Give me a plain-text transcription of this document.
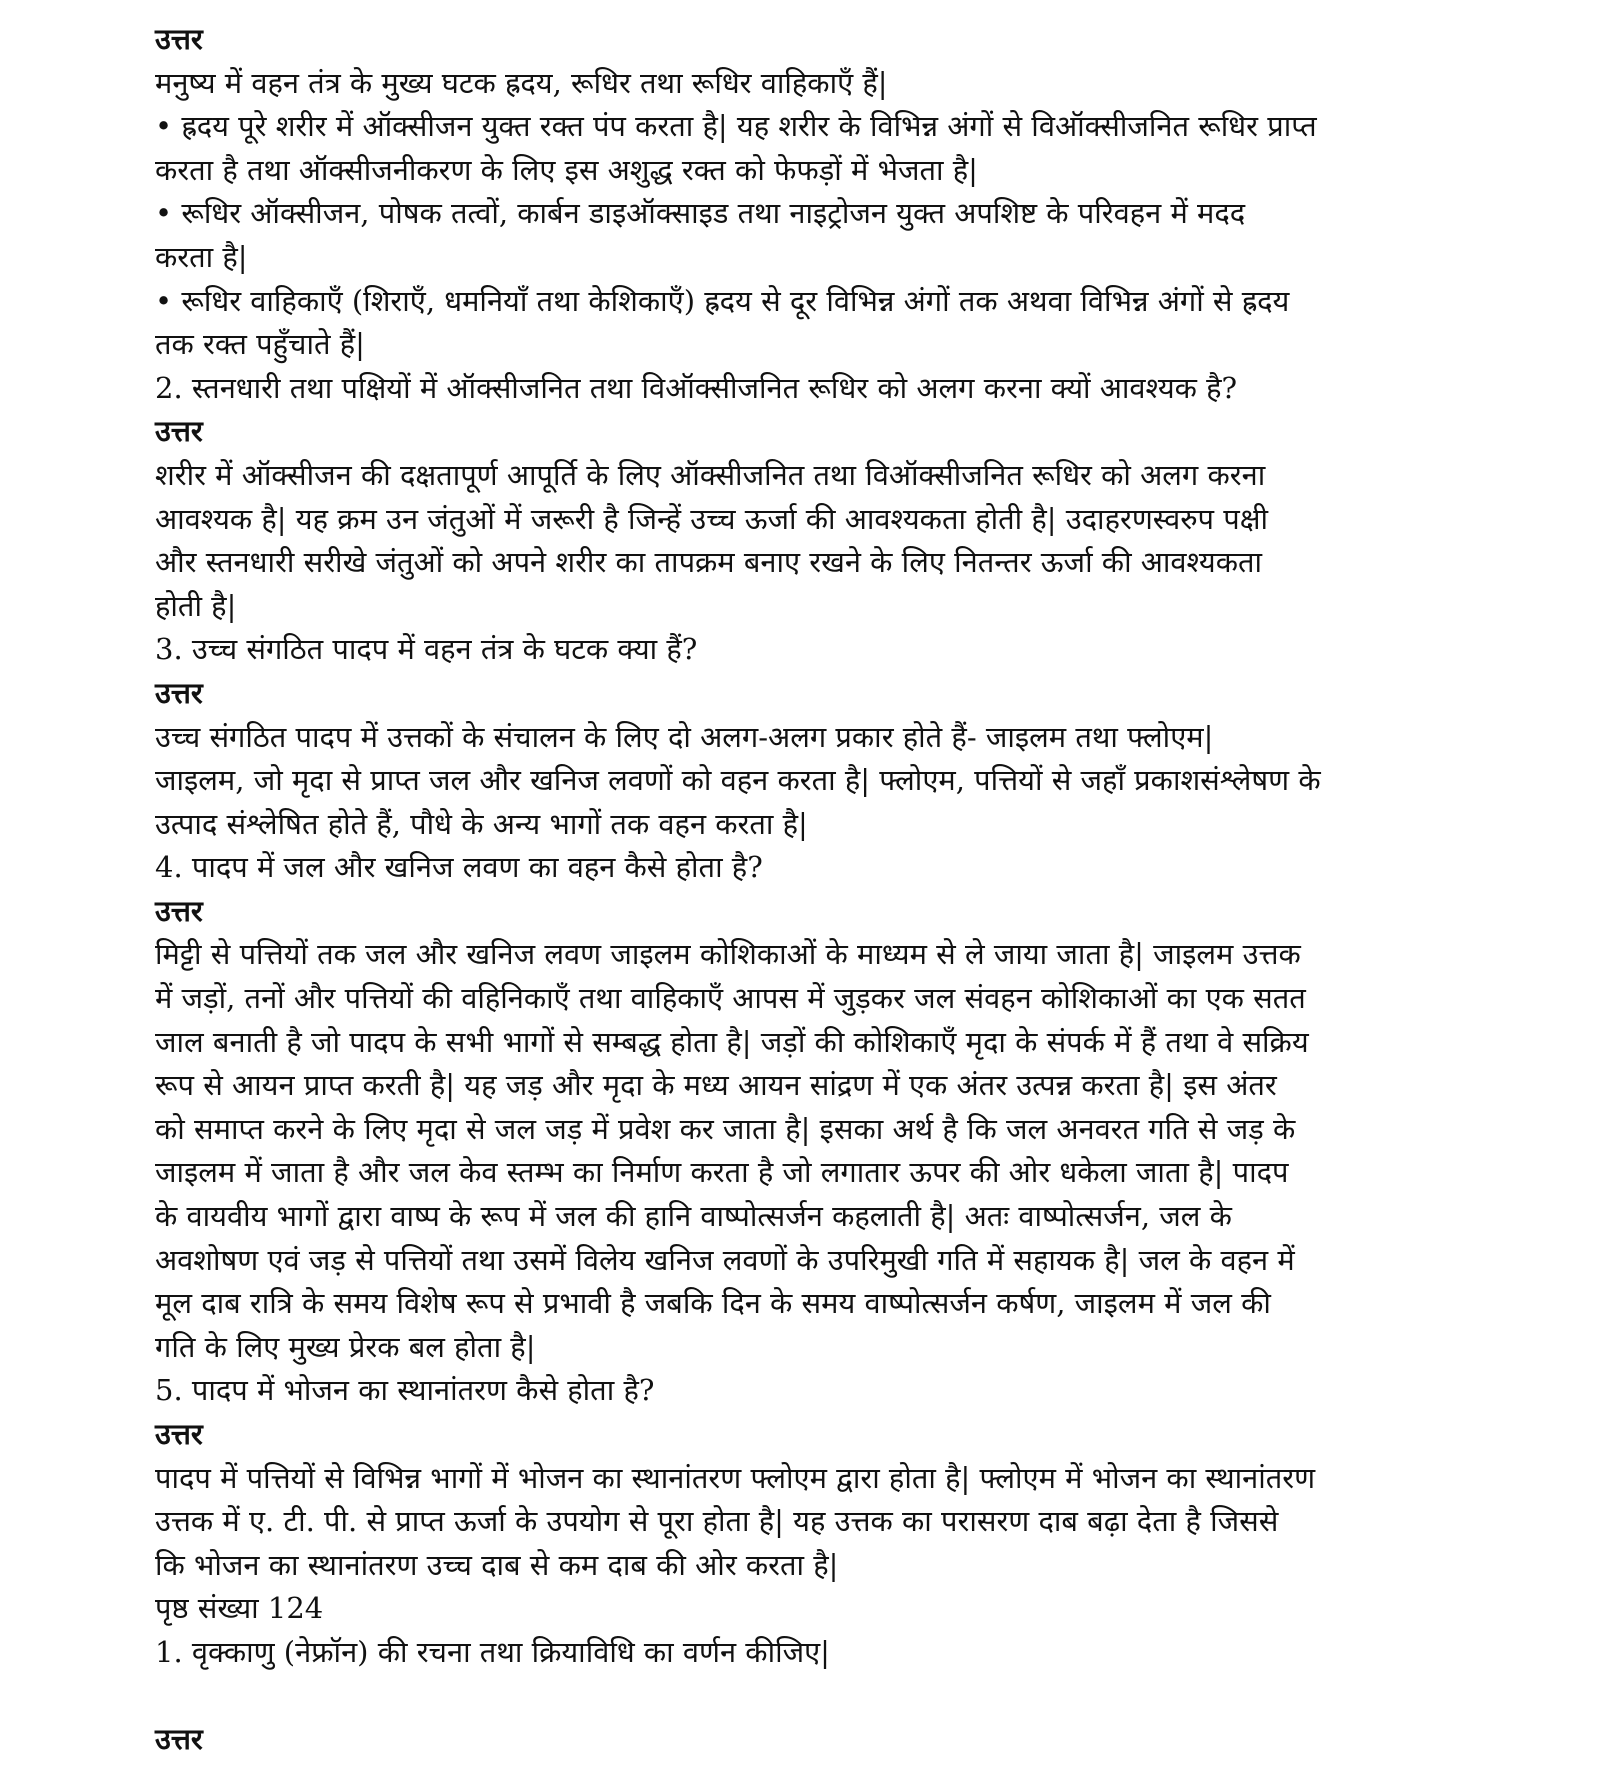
उत्तर
मनुष्य में वहन तंत्र के मुख्य घटक ह्रदय, रूधिर तथा रूधिर वाहिकाएँ हैं|
• ह्रदय पूरे शरीर में ऑक्सीजन युक्त रक्त पंप करता है| यह शरीर के विभिन्न अंगों से विऑक्सीजनित रूधिर प्राप्त
करता है तथा ऑक्सीजनीकरण के लिए इस अशुद्ध रक्त को फेफड़ों में भेजता है|
• रूधिर ऑक्सीजन, पोषक तत्वों, कार्बन डाइऑक्साइड तथा नाइट्रोजन युक्त अपशिष्ट के परिवहन में मदद
करता है|
• रूधिर वाहिकाएँ (शिराएँ, धमनियाँ तथा केशिकाएँ) ह्रदय से दूर विभिन्न अंगों तक अथवा विभिन्न अंगों से ह्रदय
तक रक्त पहुँचाते हैं|
2. स्तनधारी तथा पक्षियों में ऑक्सीजनित तथा विऑक्सीजनित रूधिर को अलग करना क्यों आवश्यक है?
उत्तर
शरीर में ऑक्सीजन की दक्षतापूर्ण आपूर्ति के लिए ऑक्सीजनित तथा विऑक्सीजनित रूधिर को अलग करना
आवश्यक है| यह क्रम उन जंतुओं में जरूरी है जिन्हें उच्च ऊर्जा की आवश्यकता होती है| उदाहरणस्वरुप पक्षी
और स्तनधारी सरीखे जंतुओं को अपने शरीर का तापक्रम बनाए रखने के लिए नितन्तर ऊर्जा की आवश्यकता
होती है|
3. उच्च संगठित पादप में वहन तंत्र के घटक क्या हैं?
उत्तर
उच्च संगठित पादप में उत्तकों के संचालन के लिए दो अलग-अलग प्रकार होते हैं- जाइलम तथा फ्लोएम|
जाइलम, जो मृदा से प्राप्त जल और खनिज लवणों को वहन करता है| फ्लोएम, पत्तियों से जहाँ प्रकाशसंश्लेषण के
उत्पाद संश्लेषित होते हैं, पौधे के अन्य भागों तक वहन करता है|
4. पादप में जल और खनिज लवण का वहन कैसे होता है?
उत्तर
मिट्टी से पत्तियों तक जल और खनिज लवण जाइलम कोशिकाओं के माध्यम से ले जाया जाता है| जाइलम उत्तक
में जड़ों, तनों और पत्तियों की वहिनिकाएँ तथा वाहिकाएँ आपस में जुड़कर जल संवहन कोशिकाओं का एक सतत
जाल बनाती है जो पादप के सभी भागों से सम्बद्ध होता है| जड़ों की कोशिकाएँ मृदा के संपर्क में हैं तथा वे सक्रिय
रूप से आयन प्राप्त करती है| यह जड़ और मृदा के मध्य आयन सांद्रण में एक अंतर उत्पन्न करता है| इस अंतर
को समाप्त करने के लिए मृदा से जल जड़ में प्रवेश कर जाता है| इसका अर्थ है कि जल अनवरत गति से जड़ के
जाइलम में जाता है और जल केव स्तम्भ का निर्माण करता है जो लगातार ऊपर की ओर धकेला जाता है| पादप
के वायवीय भागों द्वारा वाष्प के रूप में जल की हानि वाष्पोत्सर्जन कहलाती है| अतः वाष्पोत्सर्जन, जल के
अवशोषण एवं जड़ से पत्तियों तथा उसमें विलेय खनिज लवणों के उपरिमुखी गति में सहायक है| जल के वहन में
मूल दाब रात्रि के समय विशेष रूप से प्रभावी है जबकि दिन के समय वाष्पोत्सर्जन कर्षण, जाइलम में जल की
गति के लिए मुख्य प्रेरक बल होता है|
5. पादप में भोजन का स्थानांतरण कैसे होता है?
उत्तर
पादप में पत्तियों से विभिन्न भागों में भोजन का स्थानांतरण फ्लोएम द्वारा होता है| फ्लोएम में भोजन का स्थानांतरण
उत्तक में ए. टी. पी. से प्राप्त ऊर्जा के उपयोग से पूरा होता है| यह उत्तक का परासरण दाब बढ़ा देता है जिससे
कि भोजन का स्थानांतरण उच्च दाब से कम दाब की ओर करता है|
पृष्ठ संख्या 124
1. वृक्काणु (नेफ्रॉन) की रचना तथा क्रियाविधि का वर्णन कीजिए|
उत्तर
